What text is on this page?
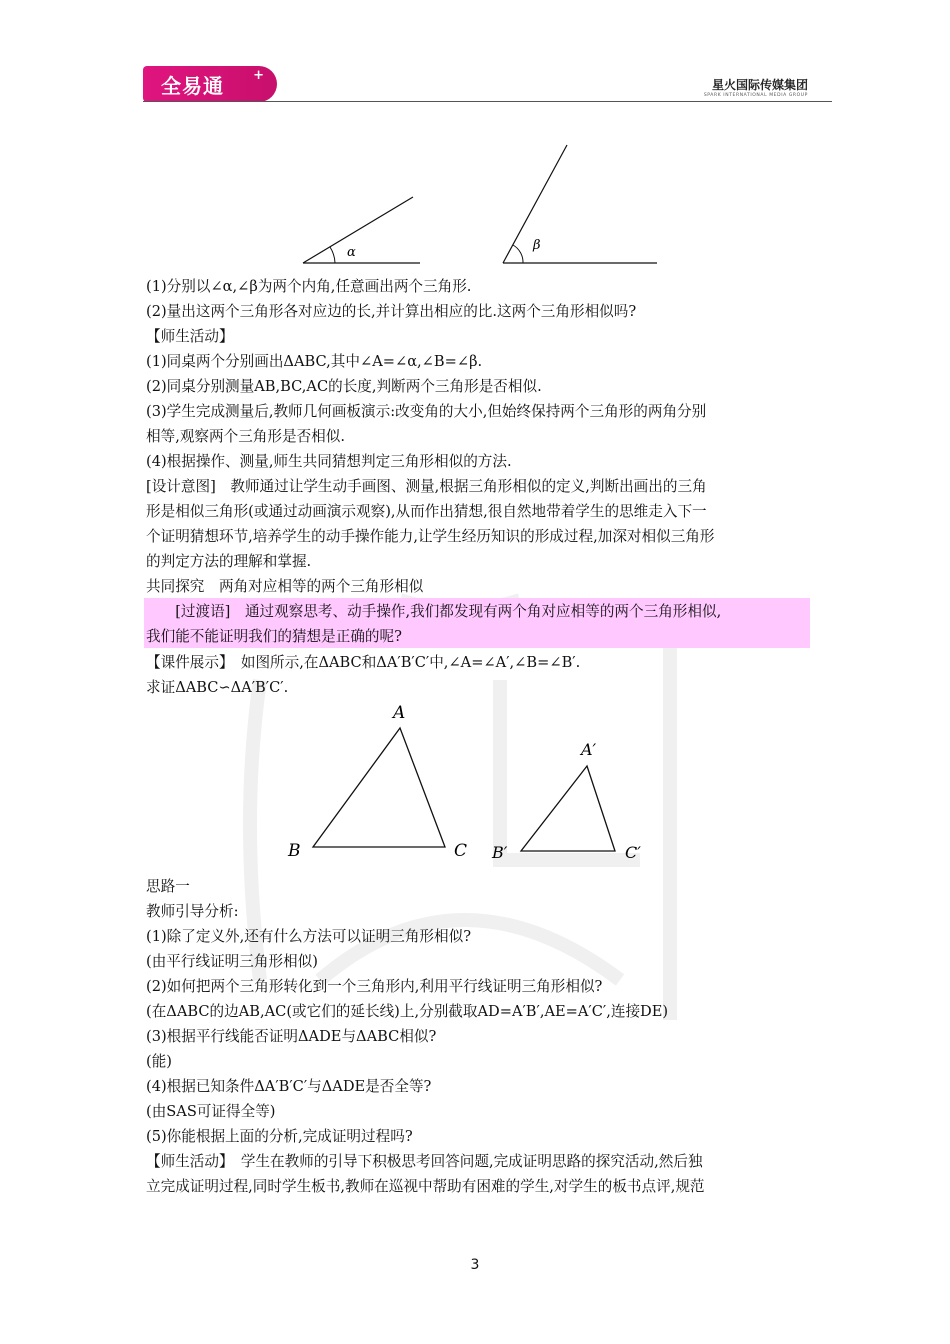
全易通 +
星火国际传媒集团
SPARK INTERNATIONAL MEDIA GROUP
α	β
(1)分别以∠α,∠β为两个内角,任意画出两个三角形.
(2)量出这两个三角形各对应边的长,并计算出相应的比.这两个三角形相似吗?
【师生活动】
(1)同桌两个分别画出ΔABC,其中∠A=∠α,∠B=∠β.
(2)同桌分别测量AB,BC,AC的长度,判断两个三角形是否相似.
(3)学生完成测量后,教师几何画板演示:改变角的大小,但始终保持两个三角形的两角分别
相等,观察两个三角形是否相似.
(4)根据操作、测量,师生共同猜想判定三角形相似的方法.
[设计意图]　教师通过让学生动手画图、测量,根据三角形相似的定义,判断出画出的三角
形是相似三角形(或通过动画演示观察),从而作出猜想,很自然地带着学生的思维走入下一
个证明猜想环节,培养学生的动手操作能力,让学生经历知识的形成过程,加深对相似三角形
的判定方法的理解和掌握.
共同探究　两角对应相等的两个三角形相似
　　[过渡语]　通过观察思考、动手操作,我们都发现有两个角对应相等的两个三角形相似,
我们能不能证明我们的猜想是正确的呢?
【课件展示】　如图所示,在ΔABC和ΔA′B′C′中,∠A=∠A′,∠B=∠B′.
求证ΔABC∽ΔA′B′C′.
A
B	C
A′
B′	C′
思路一
教师引导分析:
(1)除了定义外,还有什么方法可以证明三角形相似?
(由平行线证明三角形相似)
(2)如何把两个三角形转化到一个三角形内,利用平行线证明三角形相似?
(在ΔABC的边AB,AC(或它们的延长线)上,分别截取AD=A′B′,AE=A′C′,连接DE)
(3)根据平行线能否证明ΔADE与ΔABC相似?
(能)
(4)根据已知条件ΔA′B′C′与ΔADE是否全等?
(由SAS可证得全等)
(5)你能根据上面的分析,完成证明过程吗?
【师生活动】　学生在教师的引导下积极思考回答问题,完成证明思路的探究活动,然后独
立完成证明过程,同时学生板书,教师在巡视中帮助有困难的学生,对学生的板书点评,规范
3
